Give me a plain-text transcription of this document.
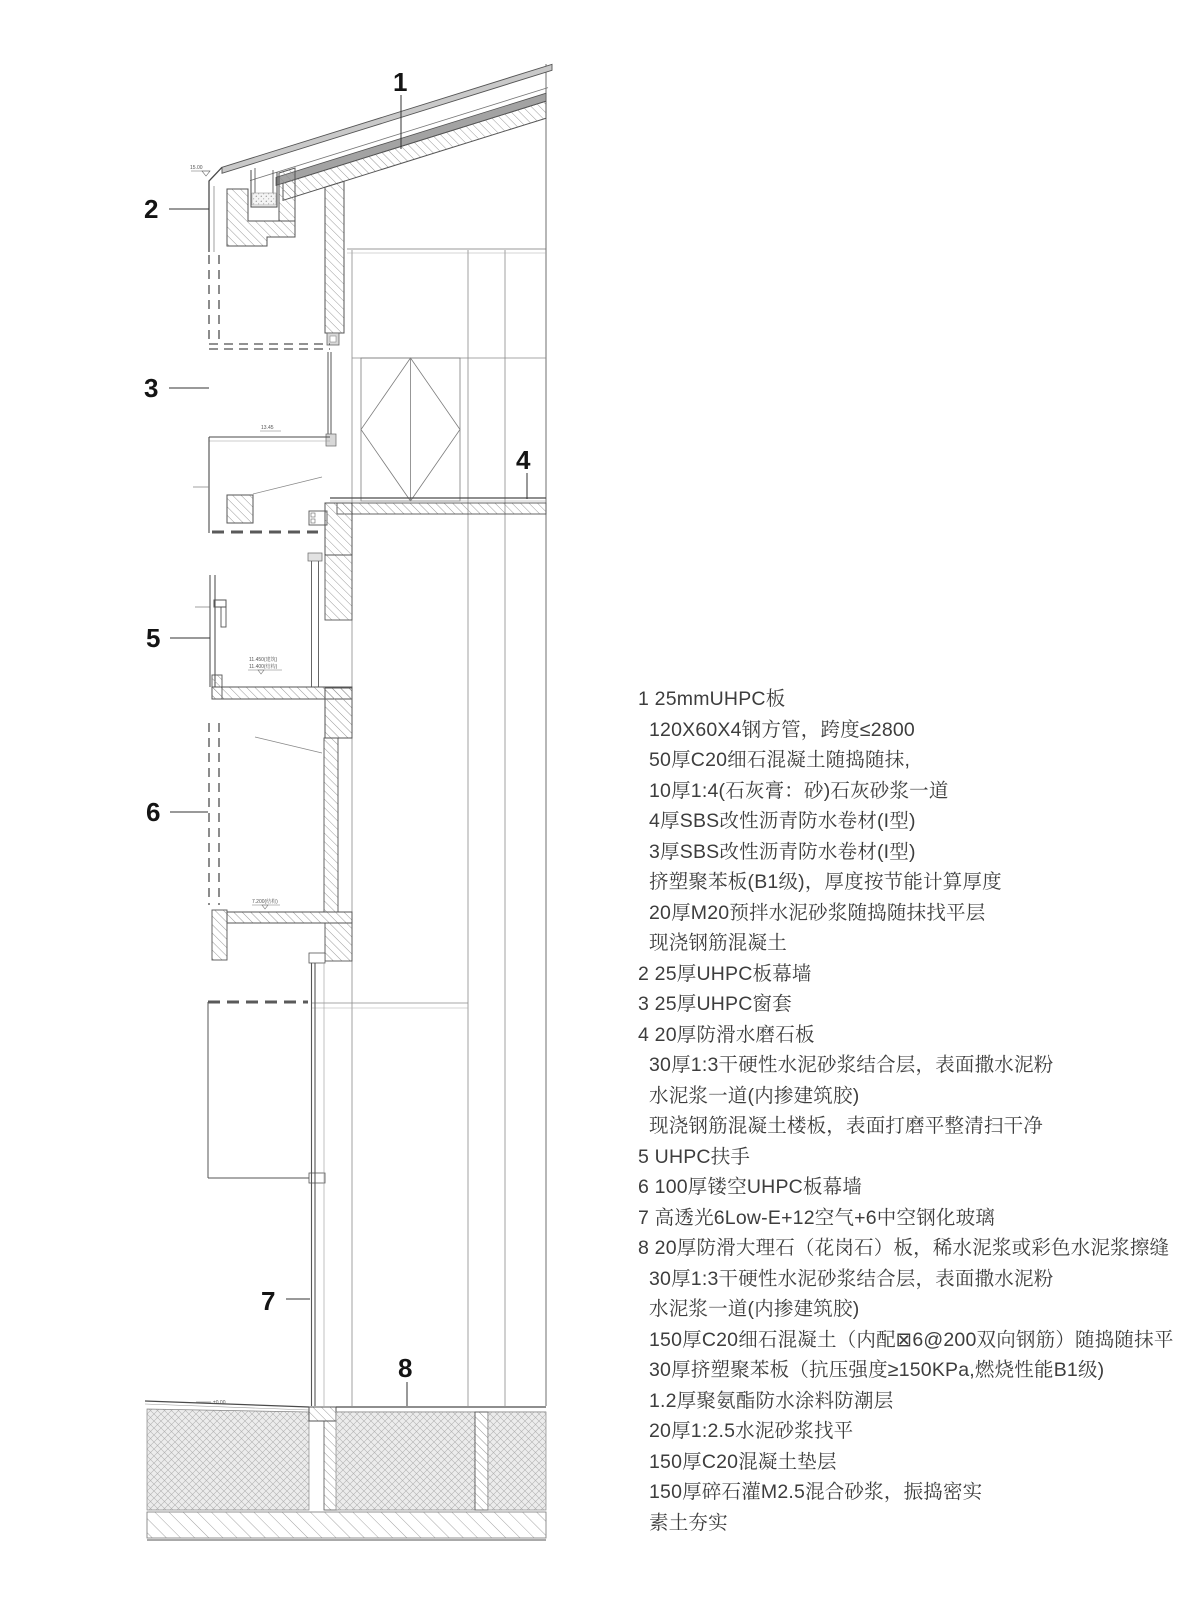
15.00
13.45
11.450(建筑)
11.400(结构)
7.200(结构)
±0.00
1
2
3
4
5
6
7
8
1 25mmUHPC板
120X60X4钢方管，跨度≤2800
50厚C20细石混凝土随捣随抹,
10厚1:4(石灰膏：砂)石灰砂浆一道
4厚SBS改性沥青防水卷材(I型)
3厚SBS改性沥青防水卷材(I型)
挤塑聚苯板(B1级)，厚度按节能计算厚度
20厚M20预拌水泥砂浆随捣随抹找平层
现浇钢筋混凝土
2 25厚UHPC板幕墙
3 25厚UHPC窗套
4 20厚防滑水磨石板
30厚1:3干硬性水泥砂浆结合层，表面撒水泥粉
水泥浆一道(内掺建筑胶)
现浇钢筋混凝土楼板，表面打磨平整清扫干净
5 UHPC扶手
6 100厚镂空UHPC板幕墙
7 高透光6Low-E+12空气+6中空钢化玻璃
8 20厚防滑大理石（花岗石）板，稀水泥浆或彩色水泥浆擦缝
30厚1:3干硬性水泥砂浆结合层，表面撒水泥粉
水泥浆一道(内掺建筑胶)
150厚C20细石混凝土（内配⊠6@200双向钢筋）随捣随抹平
30厚挤塑聚苯板（抗压强度≥150KPa,燃烧性能B1级)
1.2厚聚氨酯防水涂料防潮层
20厚1:2.5水泥砂浆找平
150厚C20混凝土垫层
150厚碎石灌M2.5混合砂浆，振捣密实
素土夯实
